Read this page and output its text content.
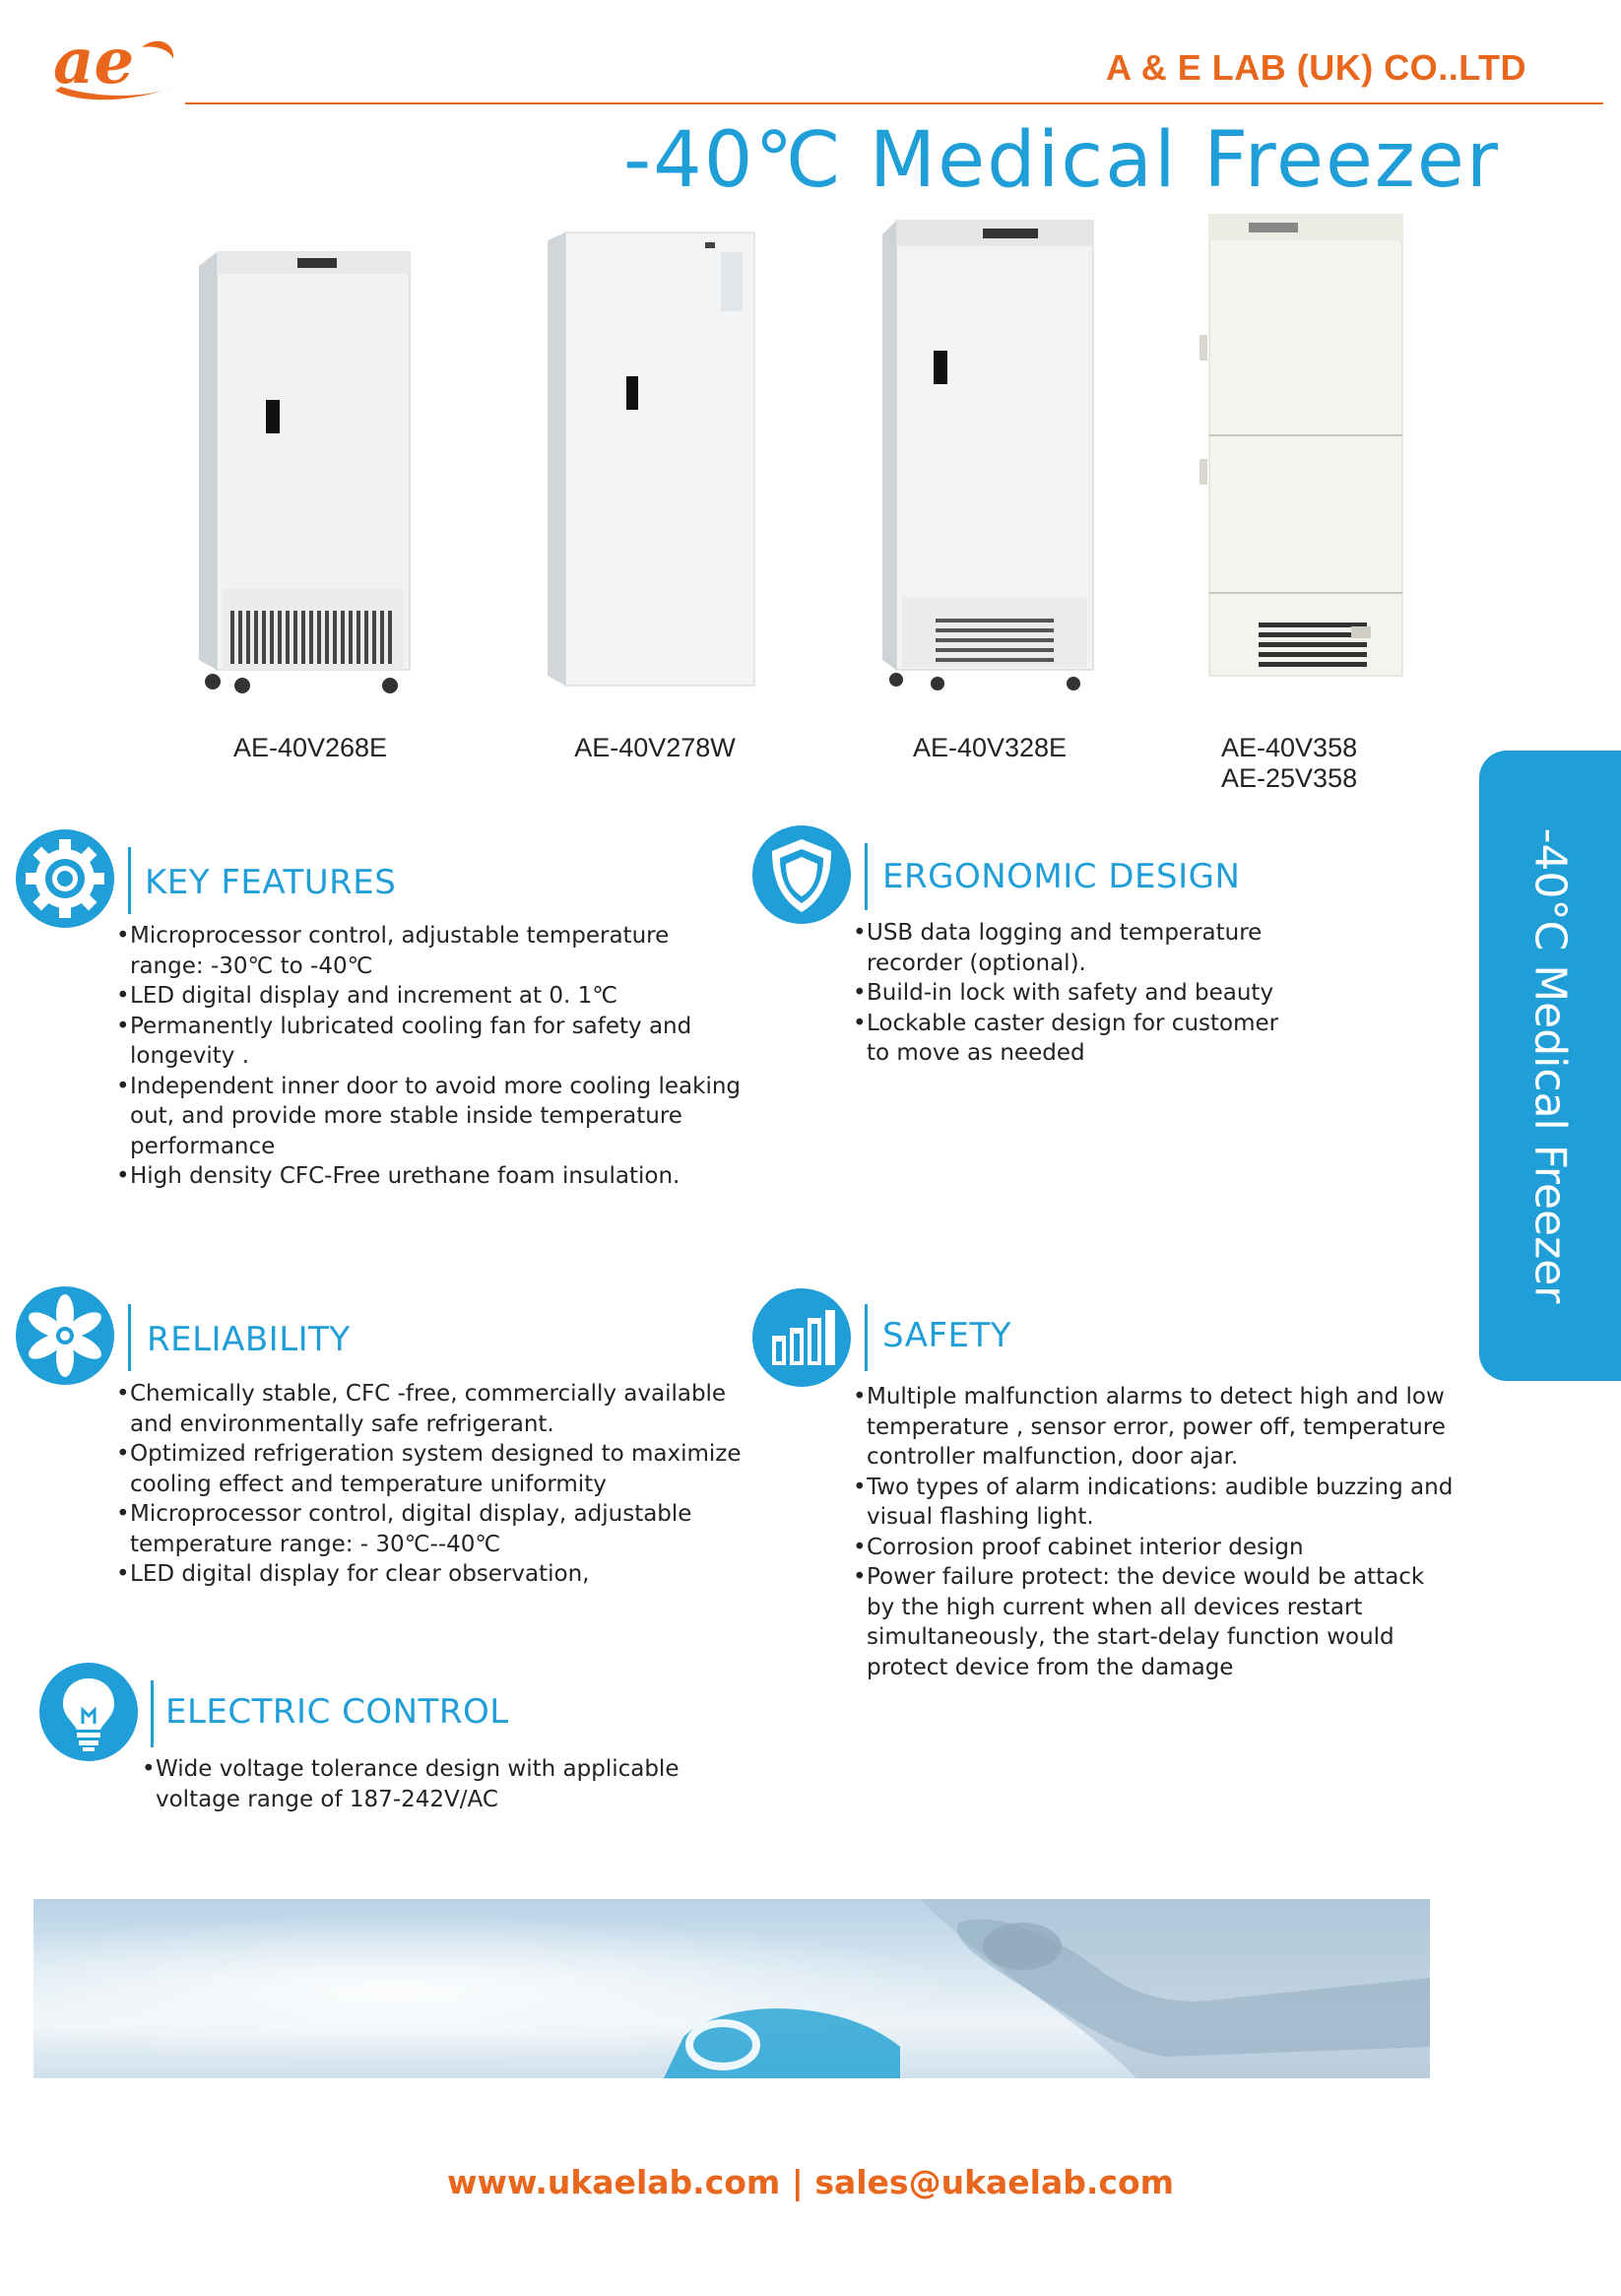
ae	A & E LAB (UK) CO..LTD
-40℃ Medical Freezer
AE-40V268E	AE-40V278W	AE-40V328E	AE-40V358
AE-25V358
-40°C Medical Freezer
KEY FEATURES
• Microprocessor control, adjustable temperature range: -30℃ to -40℃
• LED digital display and increment at 0. 1℃
• Permanently lubricated cooling fan for safety and longevity .
• Independent inner door to avoid more cooling leaking out, and provide more stable inside temperature performance
• High density CFC-Free urethane foam insulation.
ERGONOMIC DESIGN
• USB data logging and temperature recorder (optional).
• Build-in lock with safety and beauty
• Lockable caster design for customer to move as needed
RELIABILITY
• Chemically stable, CFC -free, commercially available and environmentally safe refrigerant.
• Optimized refrigeration system designed to maximize cooling effect and temperature uniformity
• Microprocessor control, digital display, adjustable temperature range: - 30℃--40℃
• LED digital display for clear observation,
SAFETY
• Multiple malfunction alarms to detect high and low temperature , sensor error, power off, temperature controller malfunction, door ajar.
• Two types of alarm indications: audible buzzing and visual flashing light.
• Corrosion proof cabinet interior design
• Power failure protect: the device would be attack by the high current when all devices restart simultaneously, the start-delay function would protect device from the damage
ELECTRIC CONTROL
• Wide voltage tolerance design with applicable voltage range of 187-242V/AC
www.ukaelab.com | sales@ukaelab.com
